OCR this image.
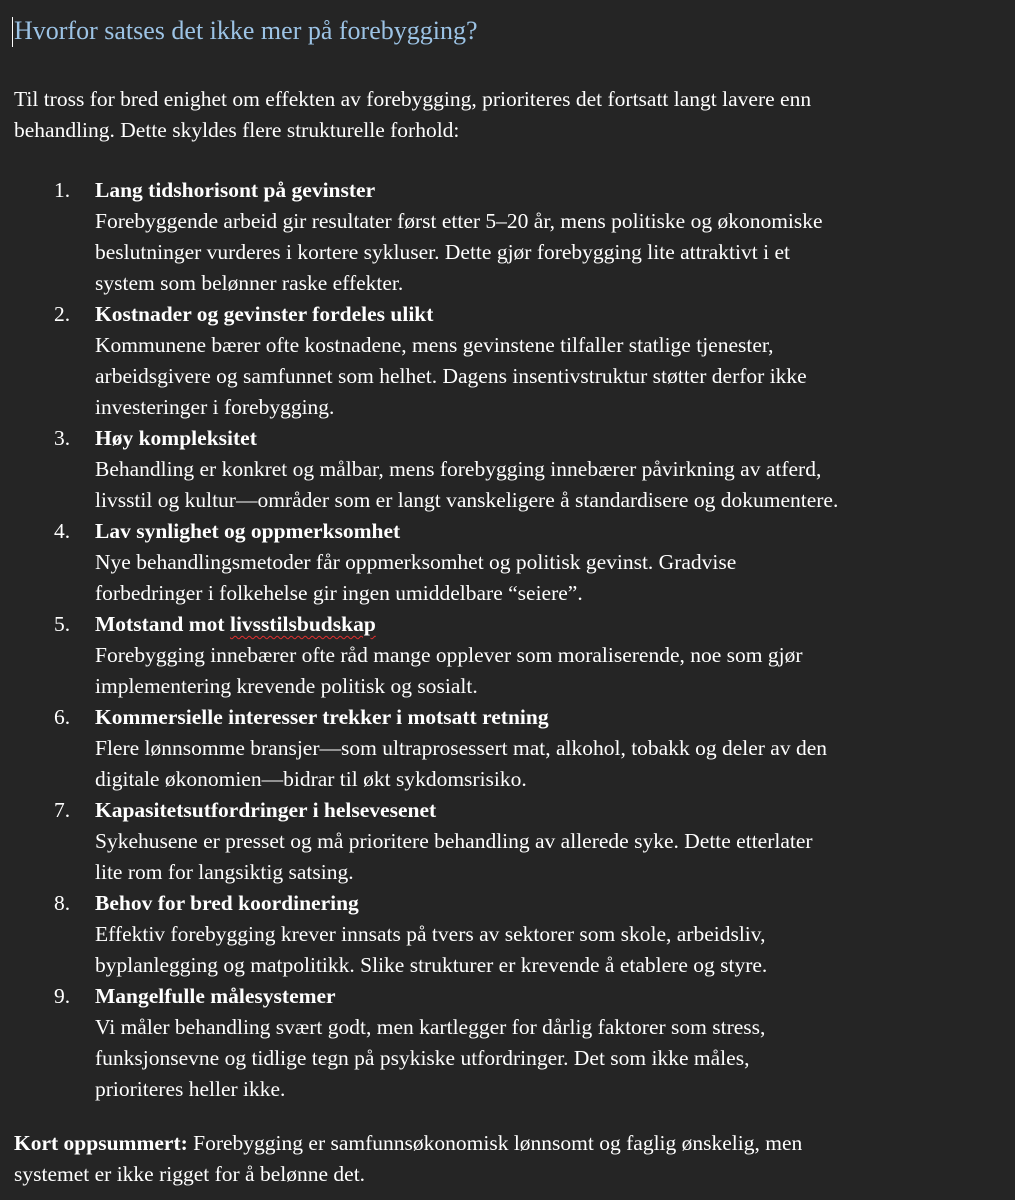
Hvorfor satses det ikke mer på forebygging?

Til tross for bred enighet om effekten av forebygging, prioriteres det fortsatt langt lavere enn
behandling. Dette skyldes flere strukturelle forhold:

1. Lang tidshorisont på gevinster
Forebyggende arbeid gir resultater først etter 5–20 år, mens politiske og økonomiske
beslutninger vurderes i kortere sykluser. Dette gjør forebygging lite attraktivt i et
system som belønner raske effekter.
2. Kostnader og gevinster fordeles ulikt
Kommunene bærer ofte kostnadene, mens gevinstene tilfaller statlige tjenester,
arbeidsgivere og samfunnet som helhet. Dagens insentivstruktur støtter derfor ikke
investeringer i forebygging.
3. Høy kompleksitet
Behandling er konkret og målbar, mens forebygging innebærer påvirkning av atferd,
livsstil og kultur—områder som er langt vanskeligere å standardisere og dokumentere.
4. Lav synlighet og oppmerksomhet
Nye behandlingsmetoder får oppmerksomhet og politisk gevinst. Gradvise
forbedringer i folkehelse gir ingen umiddelbare “seiere”.
5. Motstand mot livsstilsbudskap
Forebygging innebærer ofte råd mange opplever som moraliserende, noe som gjør
implementering krevende politisk og sosialt.
6. Kommersielle interesser trekker i motsatt retning
Flere lønnsomme bransjer—som ultraprosessert mat, alkohol, tobakk og deler av den
digitale økonomien—bidrar til økt sykdomsrisiko.
7. Kapasitetsutfordringer i helsevesenet
Sykehusene er presset og må prioritere behandling av allerede syke. Dette etterlater
lite rom for langsiktig satsing.
8. Behov for bred koordinering
Effektiv forebygging krever innsats på tvers av sektorer som skole, arbeidsliv,
byplanlegging og matpolitikk. Slike strukturer er krevende å etablere og styre.
9. Mangelfulle målesystemer
Vi måler behandling svært godt, men kartlegger for dårlig faktorer som stress,
funksjonsevne og tidlige tegn på psykiske utfordringer. Det som ikke måles,
prioriteres heller ikke.

Kort oppsummert: Forebygging er samfunnsøkonomisk lønnsomt og faglig ønskelig, men
systemet er ikke rigget for å belønne det.
